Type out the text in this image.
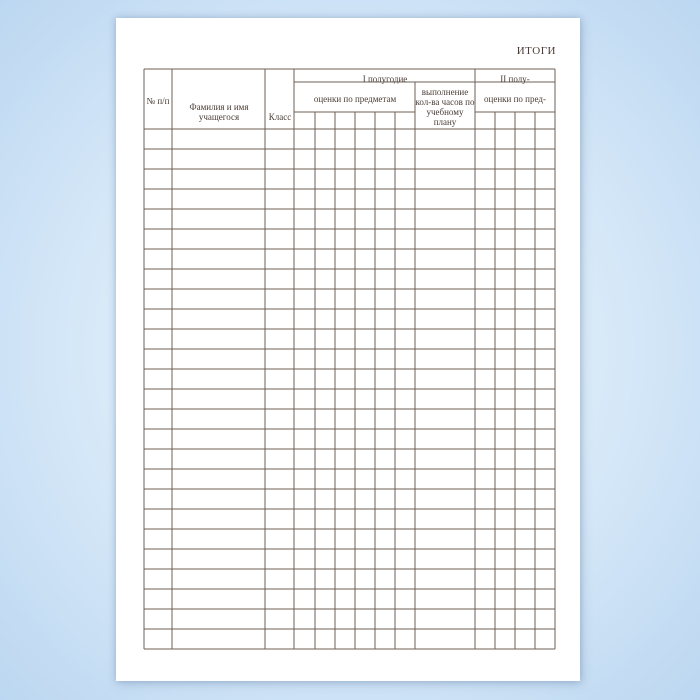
ИТОГИ
№ п/п
Фамилия и имя учащегося	Класс
I полугодие
оценки по предметам
выполнение кол-ва часов по учебному плану
II полу-
оценки по пред-
